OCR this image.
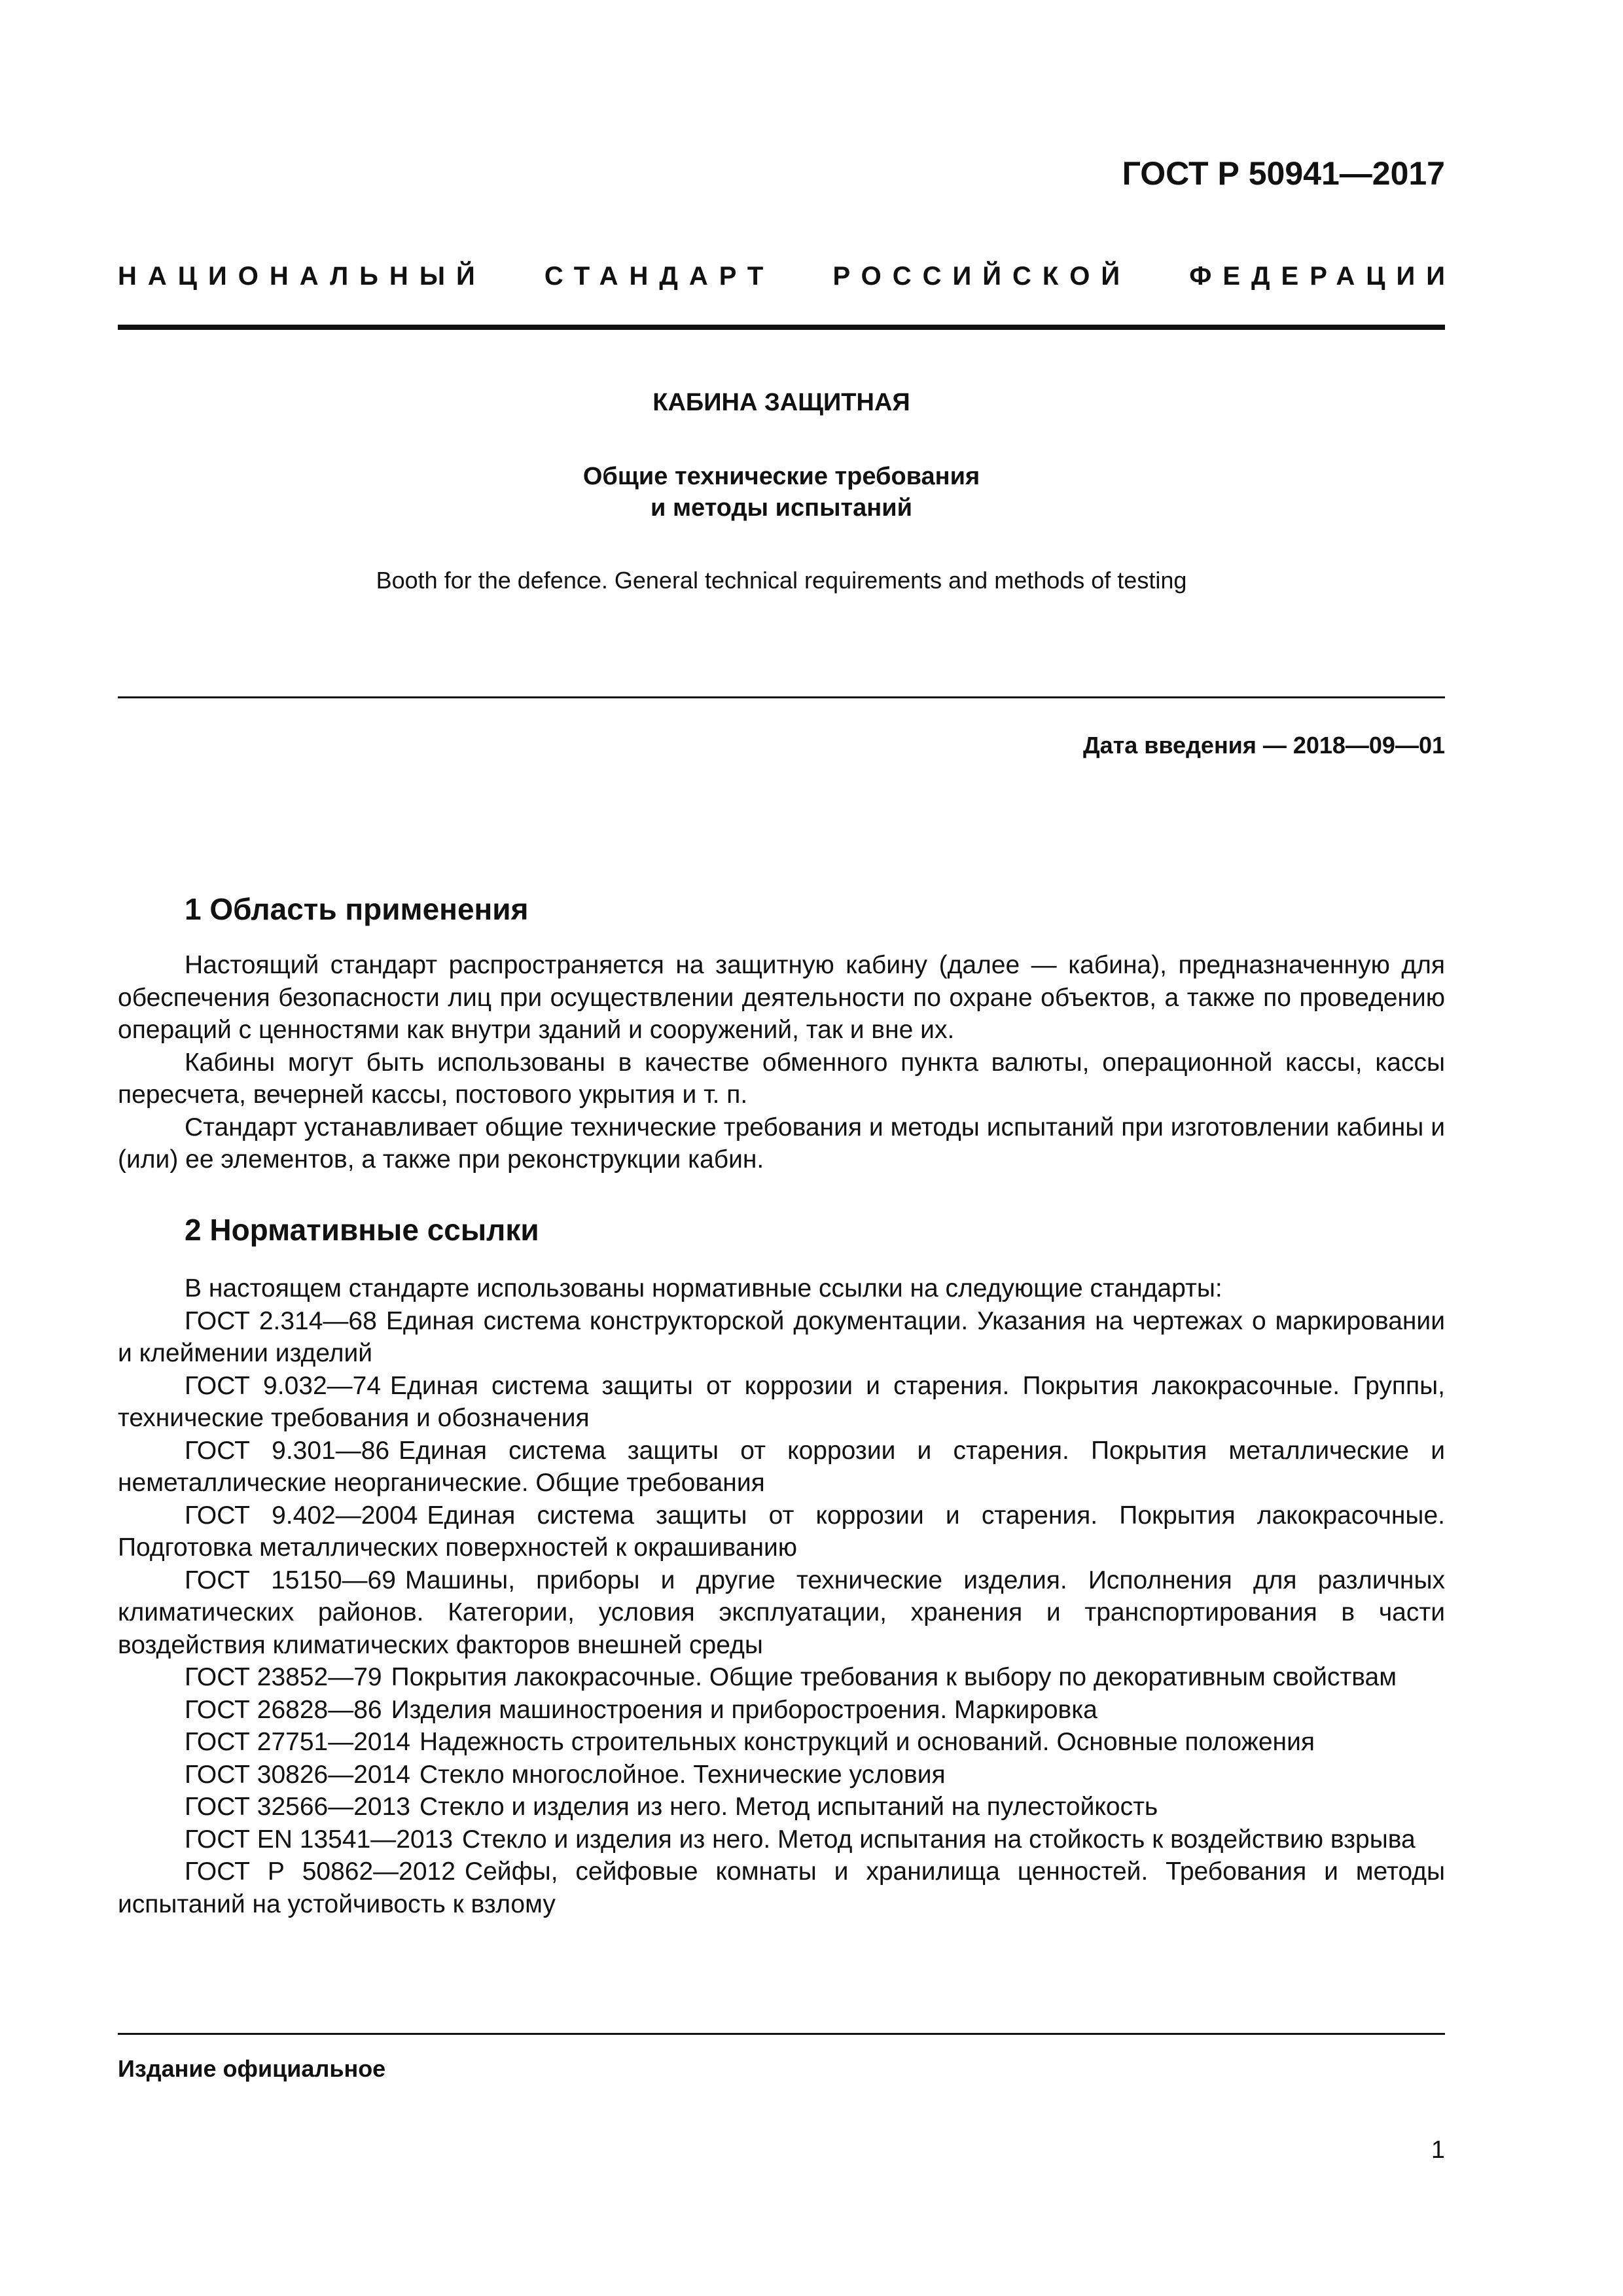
ГОСТ Р 50941—2017
НАЦИОНАЛЬНЫЙ СТАНДАРТ РОССИЙСКОЙ ФЕДЕРАЦИИ
КАБИНА ЗАЩИТНАЯ
Общие технические требования
и методы испытаний
Booth for the defence. General technical requirements and methods of testing
Дата введения — 2018—09—01
1 Область применения

Настоящий стандарт распространяется на защитную кабину (далее — кабина), предназначенную для обеспечения безопасности лиц при осуществлении деятельности по охране объектов, а также по проведению операций с ценностями как внутри зданий и сооружений, так и вне их.

Кабины могут быть использованы в качестве обменного пункта валюты, операционной кассы, кассы пересчета, вечерней кассы, постового укрытия и т. п.

Стандарт устанавливает общие технические требования и методы испытаний при изготовлении кабины и (или) ее элементов, а также при реконструкции кабин.

2 Нормативные ссылки

В настоящем стандарте использованы нормативные ссылки на следующие стандарты:

ГОСТ 2.314—68 Единая система конструкторской документации. Указания на чертежах о маркировании и клеймении изделий

ГОСТ 9.032—74 Единая система защиты от коррозии и старения. Покрытия лакокрасочные. Группы, технические требования и обозначения

ГОСТ 9.301—86 Единая система защиты от коррозии и старения. Покрытия металлические и неметаллические неорганические. Общие требования

ГОСТ 9.402—2004 Единая система защиты от коррозии и старения. Покрытия лакокрасочные. Подготовка металлических поверхностей к окрашиванию

ГОСТ 15150—69 Машины, приборы и другие технические изделия. Исполнения для различных климатических районов. Категории, условия эксплуатации, хранения и транспортирования в части воздействия климатических факторов внешней среды

ГОСТ 23852—79 Покрытия лакокрасочные. Общие требования к выбору по декоративным свойствам

ГОСТ 26828—86 Изделия машиностроения и приборостроения. Маркировка

ГОСТ 27751—2014 Надежность строительных конструкций и оснований. Основные положения

ГОСТ 30826—2014 Стекло многослойное. Технические условия

ГОСТ 32566—2013 Стекло и изделия из него. Метод испытаний на пулестойкость

ГОСТ EN 13541—2013 Стекло и изделия из него. Метод испытания на стойкость к воздействию взрыва

ГОСТ Р 50862—2012 Сейфы, сейфовые комнаты и хранилища ценностей. Требования и методы испытаний на устойчивость к взлому

Издание официальное
1
